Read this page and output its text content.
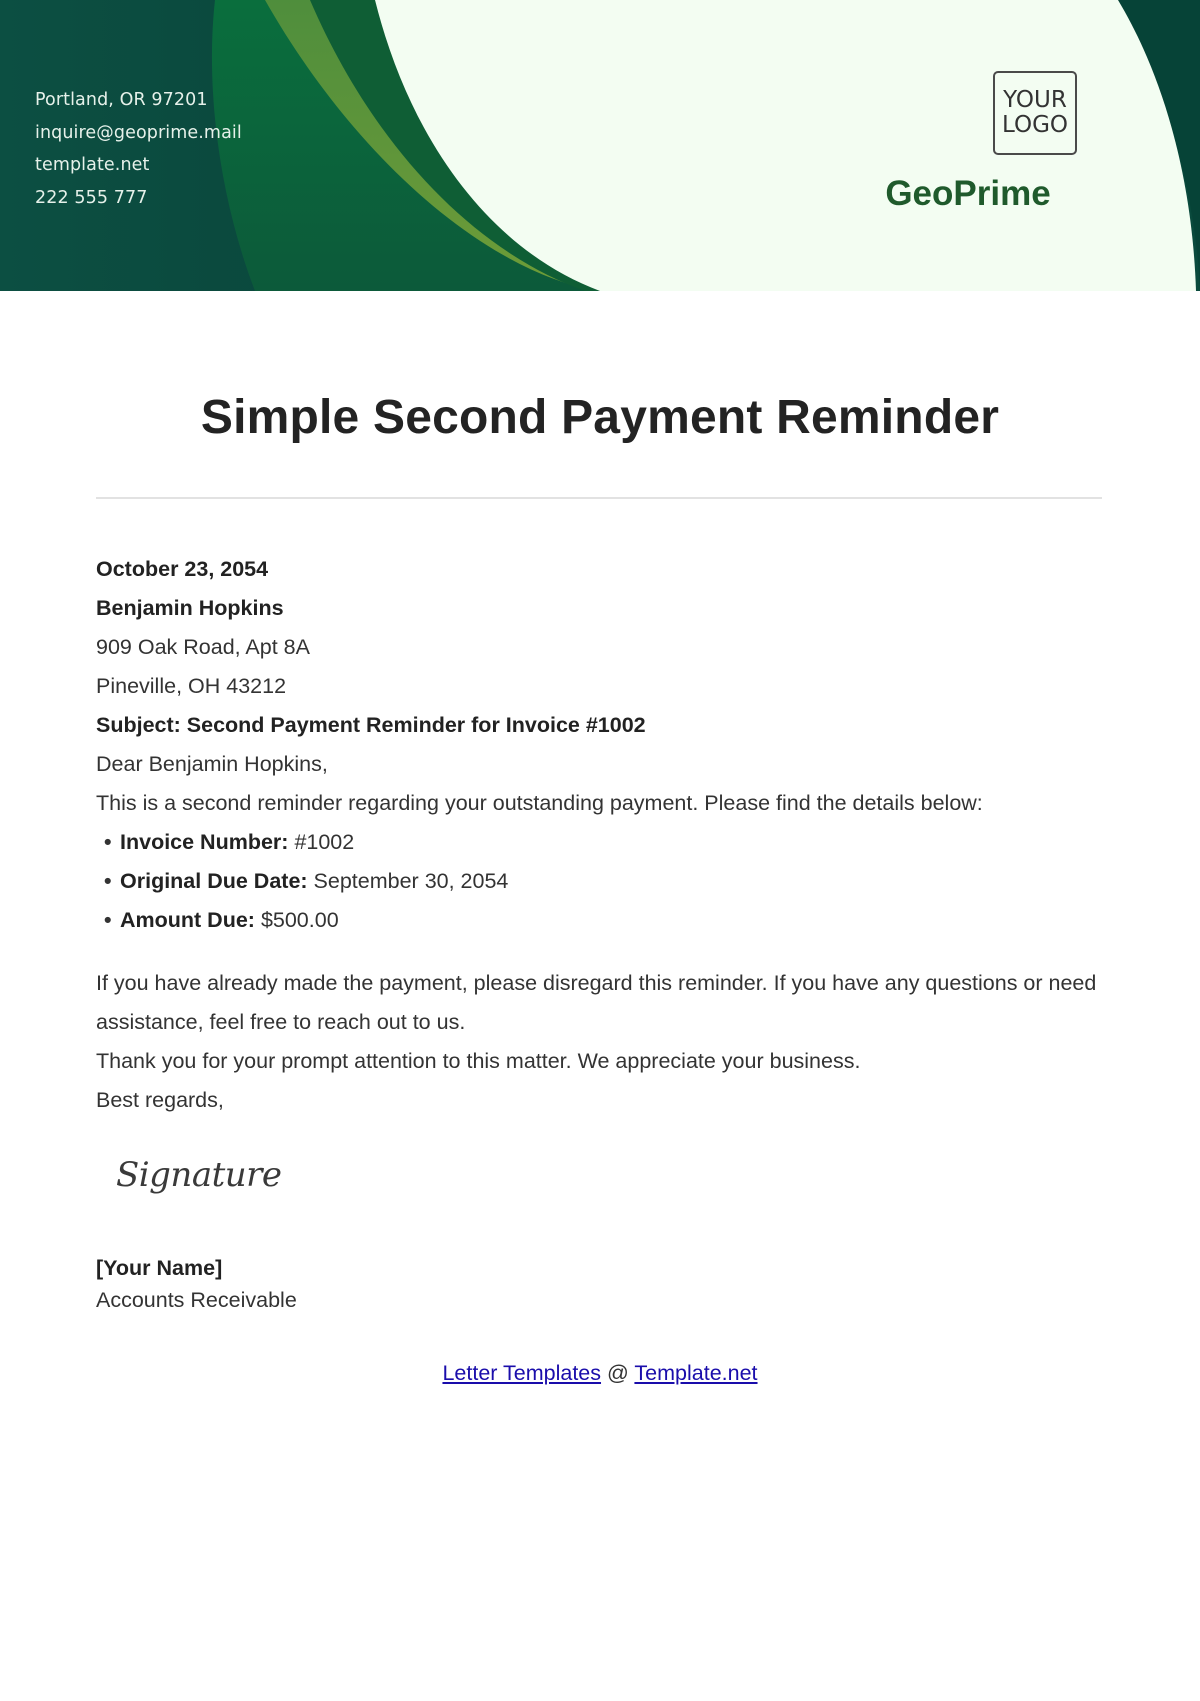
Portland, OR 97201
inquire@geoprime.mail
template.net
222 555 777
YOUR
LOGO
GeoPrime
Simple Second Payment Reminder
October 23, 2054
Benjamin Hopkins
909 Oak Road, Apt 8A
Pineville, OH 43212
Subject: Second Payment Reminder for Invoice #1002
Dear Benjamin Hopkins,
This is a second reminder regarding your outstanding payment. Please find the details below:
• Invoice Number: #1002
• Original Due Date: September 30, 2054
• Amount Due: $500.00
If you have already made the payment, please disregard this reminder. If you have any questions or need assistance, feel free to reach out to us.
Thank you for your prompt attention to this matter. We appreciate your business.
Best regards,
Signature
[Your Name]
Accounts Receivable
Letter Templates @ Template.net
